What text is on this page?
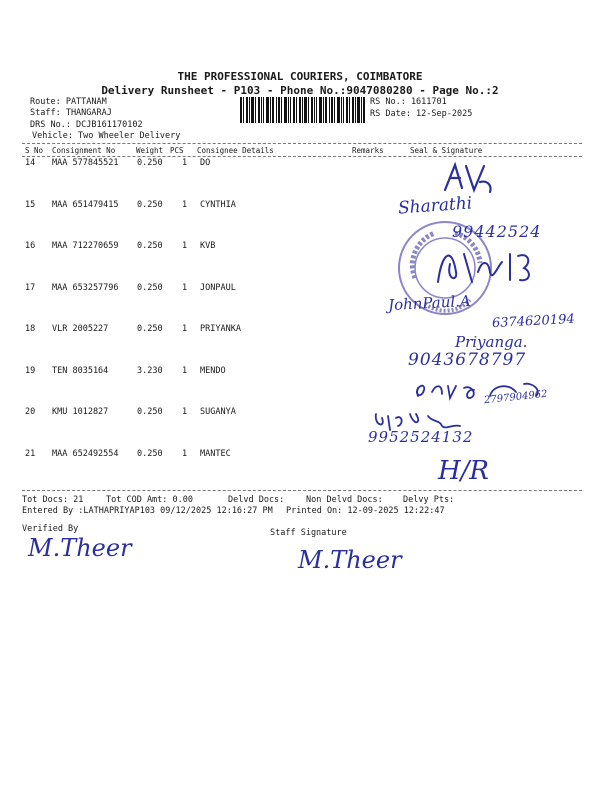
THE PROFESSIONAL COURIERS, COIMBATORE
Delivery Runsheet - P103 - Phone No.:9047080280 - Page No.:2
Route: PATTANAM
Staff: THANGARAJ
DRS No.: DCJB161170102
Vehicle: Two Wheeler Delivery
RS No.: 1611701
RS Date: 12-Sep-2025
S No Consignment No	Weight PCS Consignee Details	Remarks	Seal & Signature
14 MAA 577845521 0.250 1 DO
15 MAA 651479415 0.250 1 CYNTHIA
16 MAA 712270659 0.250 1 KVB
17 MAA 653257796 0.250 1 JONPAUL
18 VLR 2005227	0.250 1 PRIYANKA
19 TEN 8035164	3.230 1 MENDO
20 KMU 1012827	0.250 1 SUGANYA
21 MAA 652492554 0.250 1 MANTEC
Sharathi
99442524
JohnPaul.A
6374620194
Priyanga.
9043678797
2797904962
9952524132
H/R
Tot Docs: 21	Tot COD Amt: 0.00	Delvd Docs:	Non Delvd Docs: Delvy Pts:
Entered By :LATHAPRIYAP103 09/12/2025 12:16:27 PM Printed On: 12-09-2025 12:22:47
Verified By	Staff Signature
M.Theer	M.Theer
